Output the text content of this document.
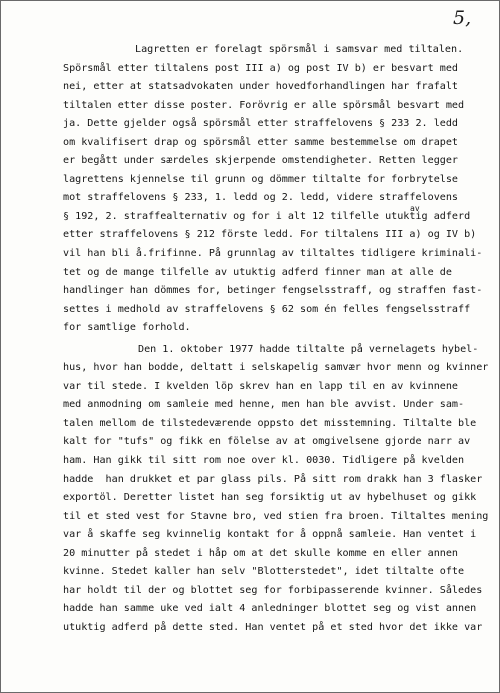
5,
Lagretten er forelagt spörsmål i samsvar med tiltalen.
Spörsmål etter tiltalens post III a) og post IV b) er besvart med
nei, etter at statsadvokaten under hovedforhandlingen har frafalt
tiltalen etter disse poster. Forövrig er alle spörsmål besvart med
ja. Dette gjelder også spörsmål etter straffelovens § 233 2. ledd
om kvalifisert drap og spörsmål etter samme bestemmelse om drapet
er begått under særdeles skjerpende omstendigheter. Retten legger
lagrettens kjennelse til grunn og dömmer tiltalte for forbrytelse
mot straffelovens § 233, 1. ledd og 2. ledd, videre straffelovens
§ 192, 2. straffealternativ og for i alt 12 tilfelle utuktig adferd
av
etter straffelovens § 212 förste ledd. For tiltalens III a) og IV b)
vil han bli å.frifinne. På grunnlag av tiltaltes tidligere kriminali-
tet og de mange tilfelle av utuktig adferd finner man at alle de
handlinger han dömmes for, betinger fengselsstraff, og straffen fast-
settes i medhold av straffelovens § 62 som én felles fengselsstraff
for samtlige forhold.
Den 1. oktober 1977 hadde tiltalte på vernelagets hybel-
hus, hvor han bodde, deltatt i selskapelig samvær hvor menn og kvinner
var til stede. I kvelden löp skrev han en lapp til en av kvinnene
med anmodning om samleie med henne, men han ble avvist. Under sam-
talen mellom de tilstedeværende oppsto det misstemning. Tiltalte ble
kalt for "tufs" og fikk en fölelse av at omgivelsene gjorde narr av
ham. Han gikk til sitt rom noe over kl. 0030. Tidligere på kvelden
hadde  han drukket et par glass pils. På sitt rom drakk han 3 flasker
exportöl. Deretter listet han seg forsiktig ut av hybelhuset og gikk
til et sted vest for Stavne bro, ved stien fra broen. Tiltaltes mening
var å skaffe seg kvinnelig kontakt for å oppnå samleie. Han ventet i
20 minutter på stedet i håp om at det skulle komme en eller annen
kvinne. Stedet kaller han selv "Blotterstedet", idet tiltalte ofte
har holdt til der og blottet seg for forbipasserende kvinner. Således
hadde han samme uke ved ialt 4 anledninger blottet seg og vist annen
utuktig adferd på dette sted. Han ventet på et sted hvor det ikke var
